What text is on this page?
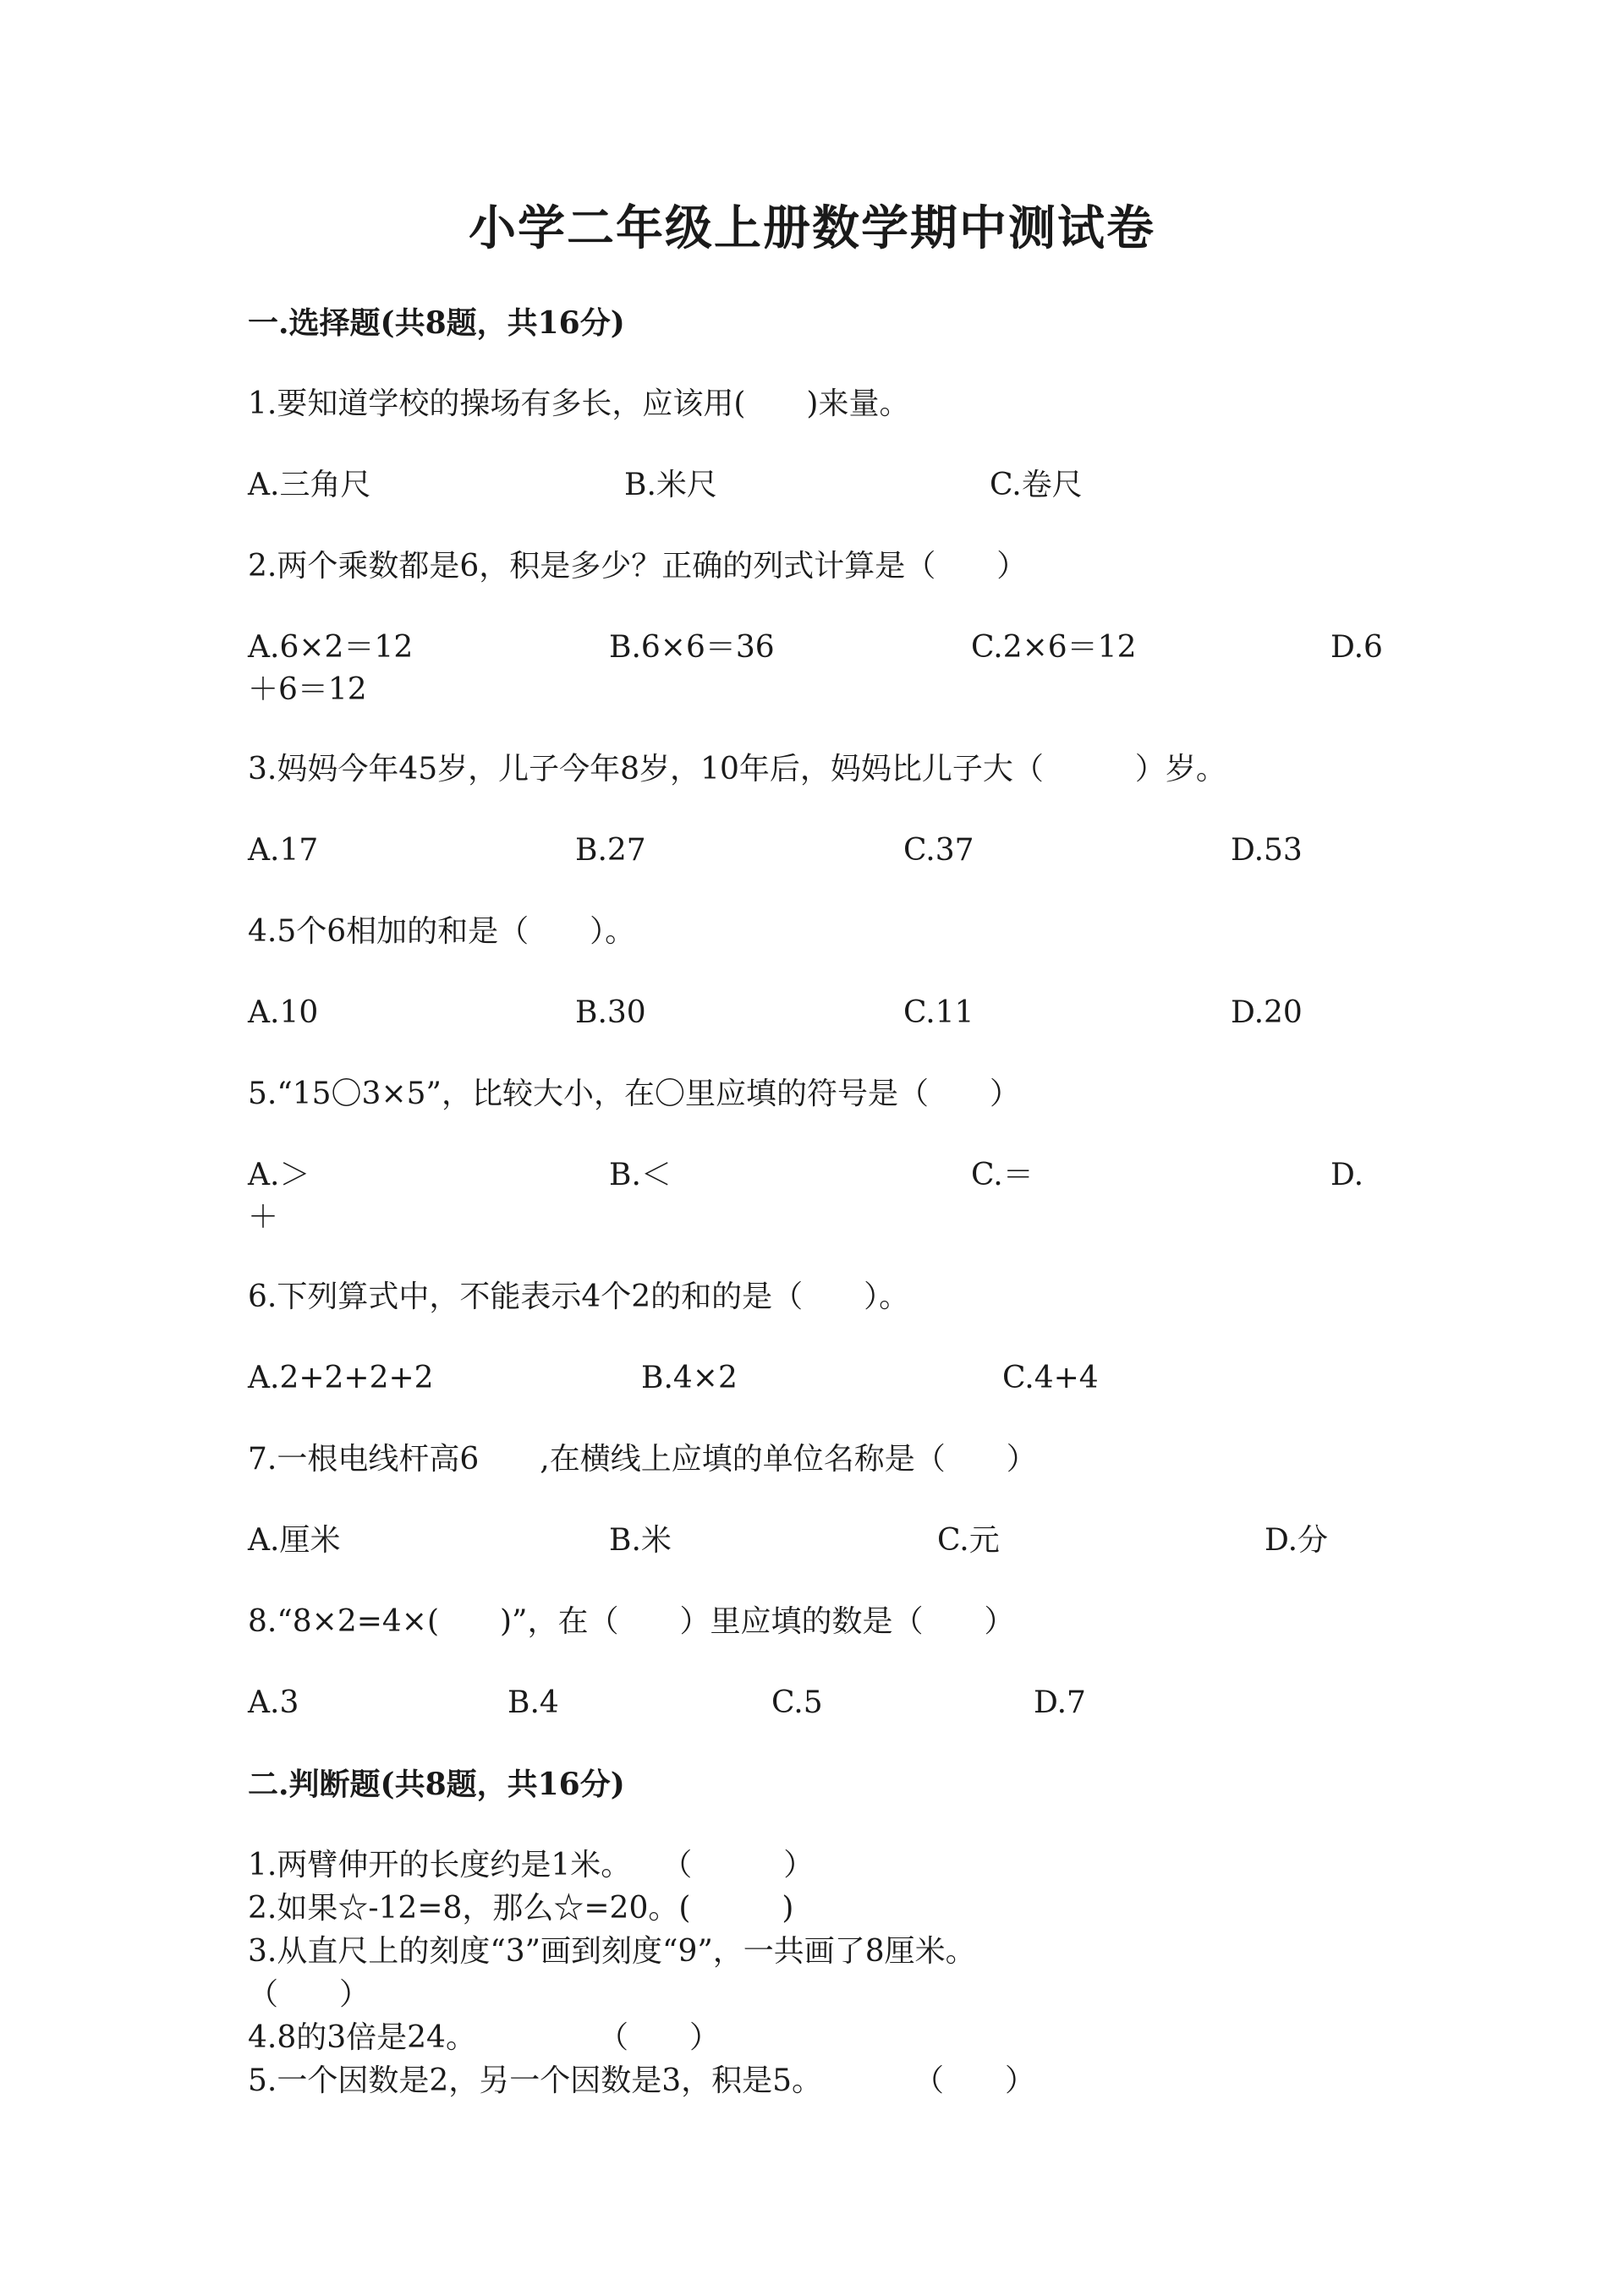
小学二年级上册数学期中测试卷
一.选择题(共8题，共16分)
1.要知道学校的操场有多长，应该用(　　)来量。
A.三角尺	B.米尺	C.卷尺
2.两个乘数都是6，积是多少？正确的列式计算是（　　）
A.6×2＝12	B.6×6＝36	C.2×6＝12	D.6
＋6＝12
3.妈妈今年45岁，儿子今年8岁，10年后，妈妈比儿子大（　　　）岁。
A.17	B.27	C.37	D.53
4.5个6相加的和是（　　）。
A.10	B.30	C.11	D.20
5.“15〇3×5”，比较大小，在〇里应填的符号是（　　）
A.＞	B.＜	C.＝	D.
＋
6.下列算式中，不能表示4个2的和的是（　　）。
A.2+2+2+2	B.4×2	C.4+4
7.一根电线杆高6　　,在横线上应填的单位名称是（　　）
A.厘米	B.米	C.元	D.分
8.“8×2=4×(　　)”，在（　　）里应填的数是（　　）
A.3	B.4	C.5	D.7
二.判断题(共8题，共16分)
1.两臂伸开的长度约是1米。　　（　　　）
2.如果☆-12=8，那么☆=20。(　　　)
3.从直尺上的刻度“3”画到刻度“9”，一共画了8厘米。
（　　）
4.8的3倍是24。　　　　　（　　）
5.一个因数是2，另一个因数是3，积是5。　　　　（　　）
